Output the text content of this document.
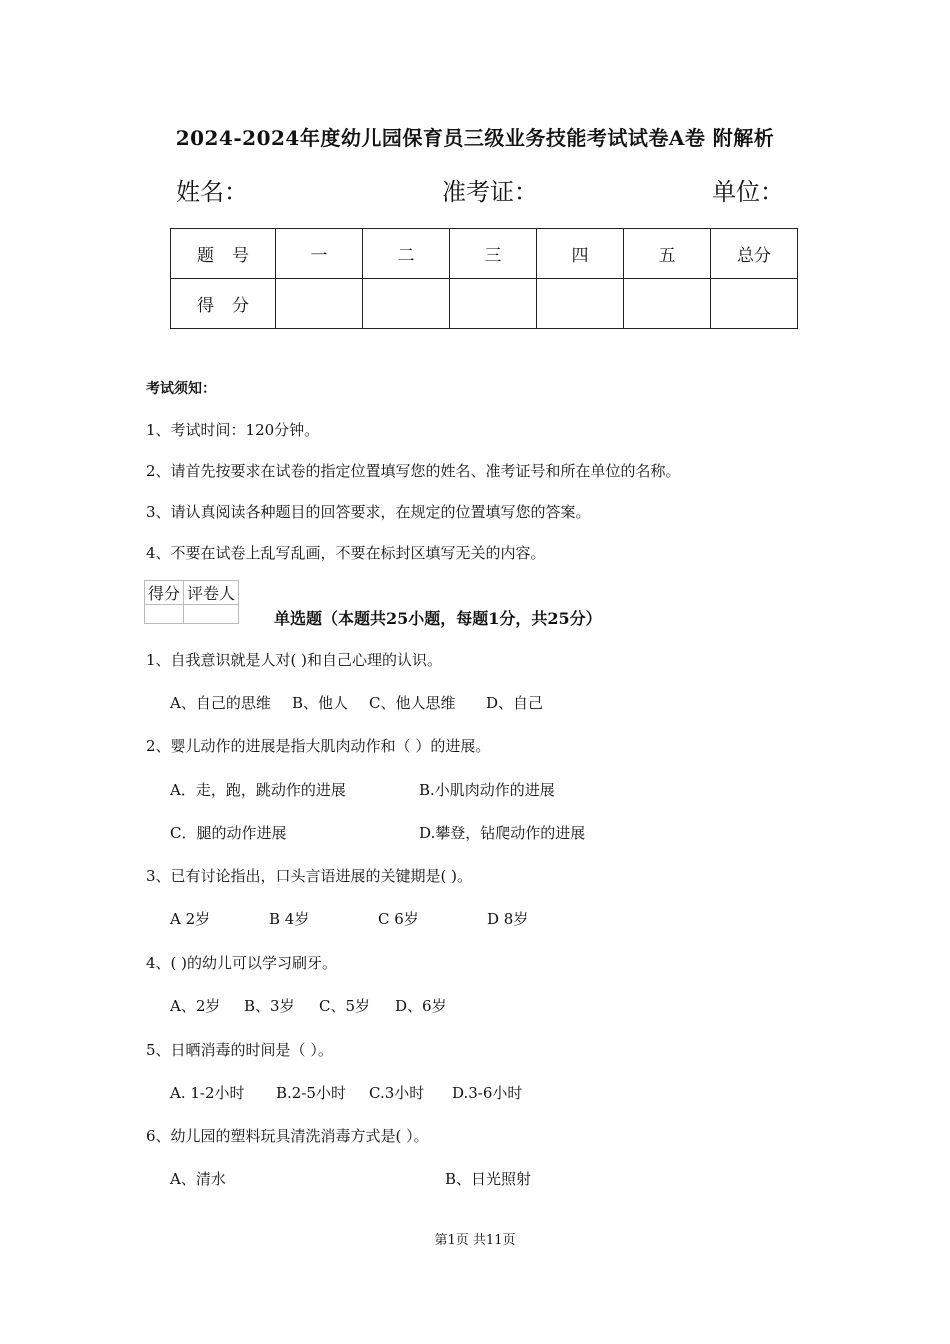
2024-2024年度幼儿园保育员三级业务技能考试试卷A卷 附解析
姓名：	准考证：	单位：
题号	一	二	三	四	五	总分
得分						
考试须知：
1、考试时间：120分钟。
2、请首先按要求在试卷的指定位置填写您的姓名、准考证号和所在单位的名称。
3、请认真阅读各种题目的回答要求，在规定的位置填写您的答案。
4、不要在试卷上乱写乱画，不要在标封区填写无关的内容。
得分	评卷人

单选题（本题共25小题，每题1分，共25分）
1、自我意识就是人对( )和自己心理的认识。
A、自己的思维 B、他人 C、他人思维 D、自己
2、婴儿动作的进展是指大肌肉动作和（ ）的进展。
A．走，跑，跳动作的进展	B.小肌肉动作的进展
C．腿的动作进展	D.攀登，钻爬动作的进展
3、已有讨论指出，口头言语进展的关键期是( )。
A 2岁	B 4岁	C 6岁	D 8岁
4、( )的幼儿可以学习刷牙。
A、2岁 B、3岁 C、5岁 D、6岁
5、日晒消毒的时间是（ ）。
A. 1-2小时 B.2-5小时 C.3小时 D.3-6小时
6、幼儿园的塑料玩具清洗消毒方式是( ）。
A、清水	B、日光照射
第1页 共11页
